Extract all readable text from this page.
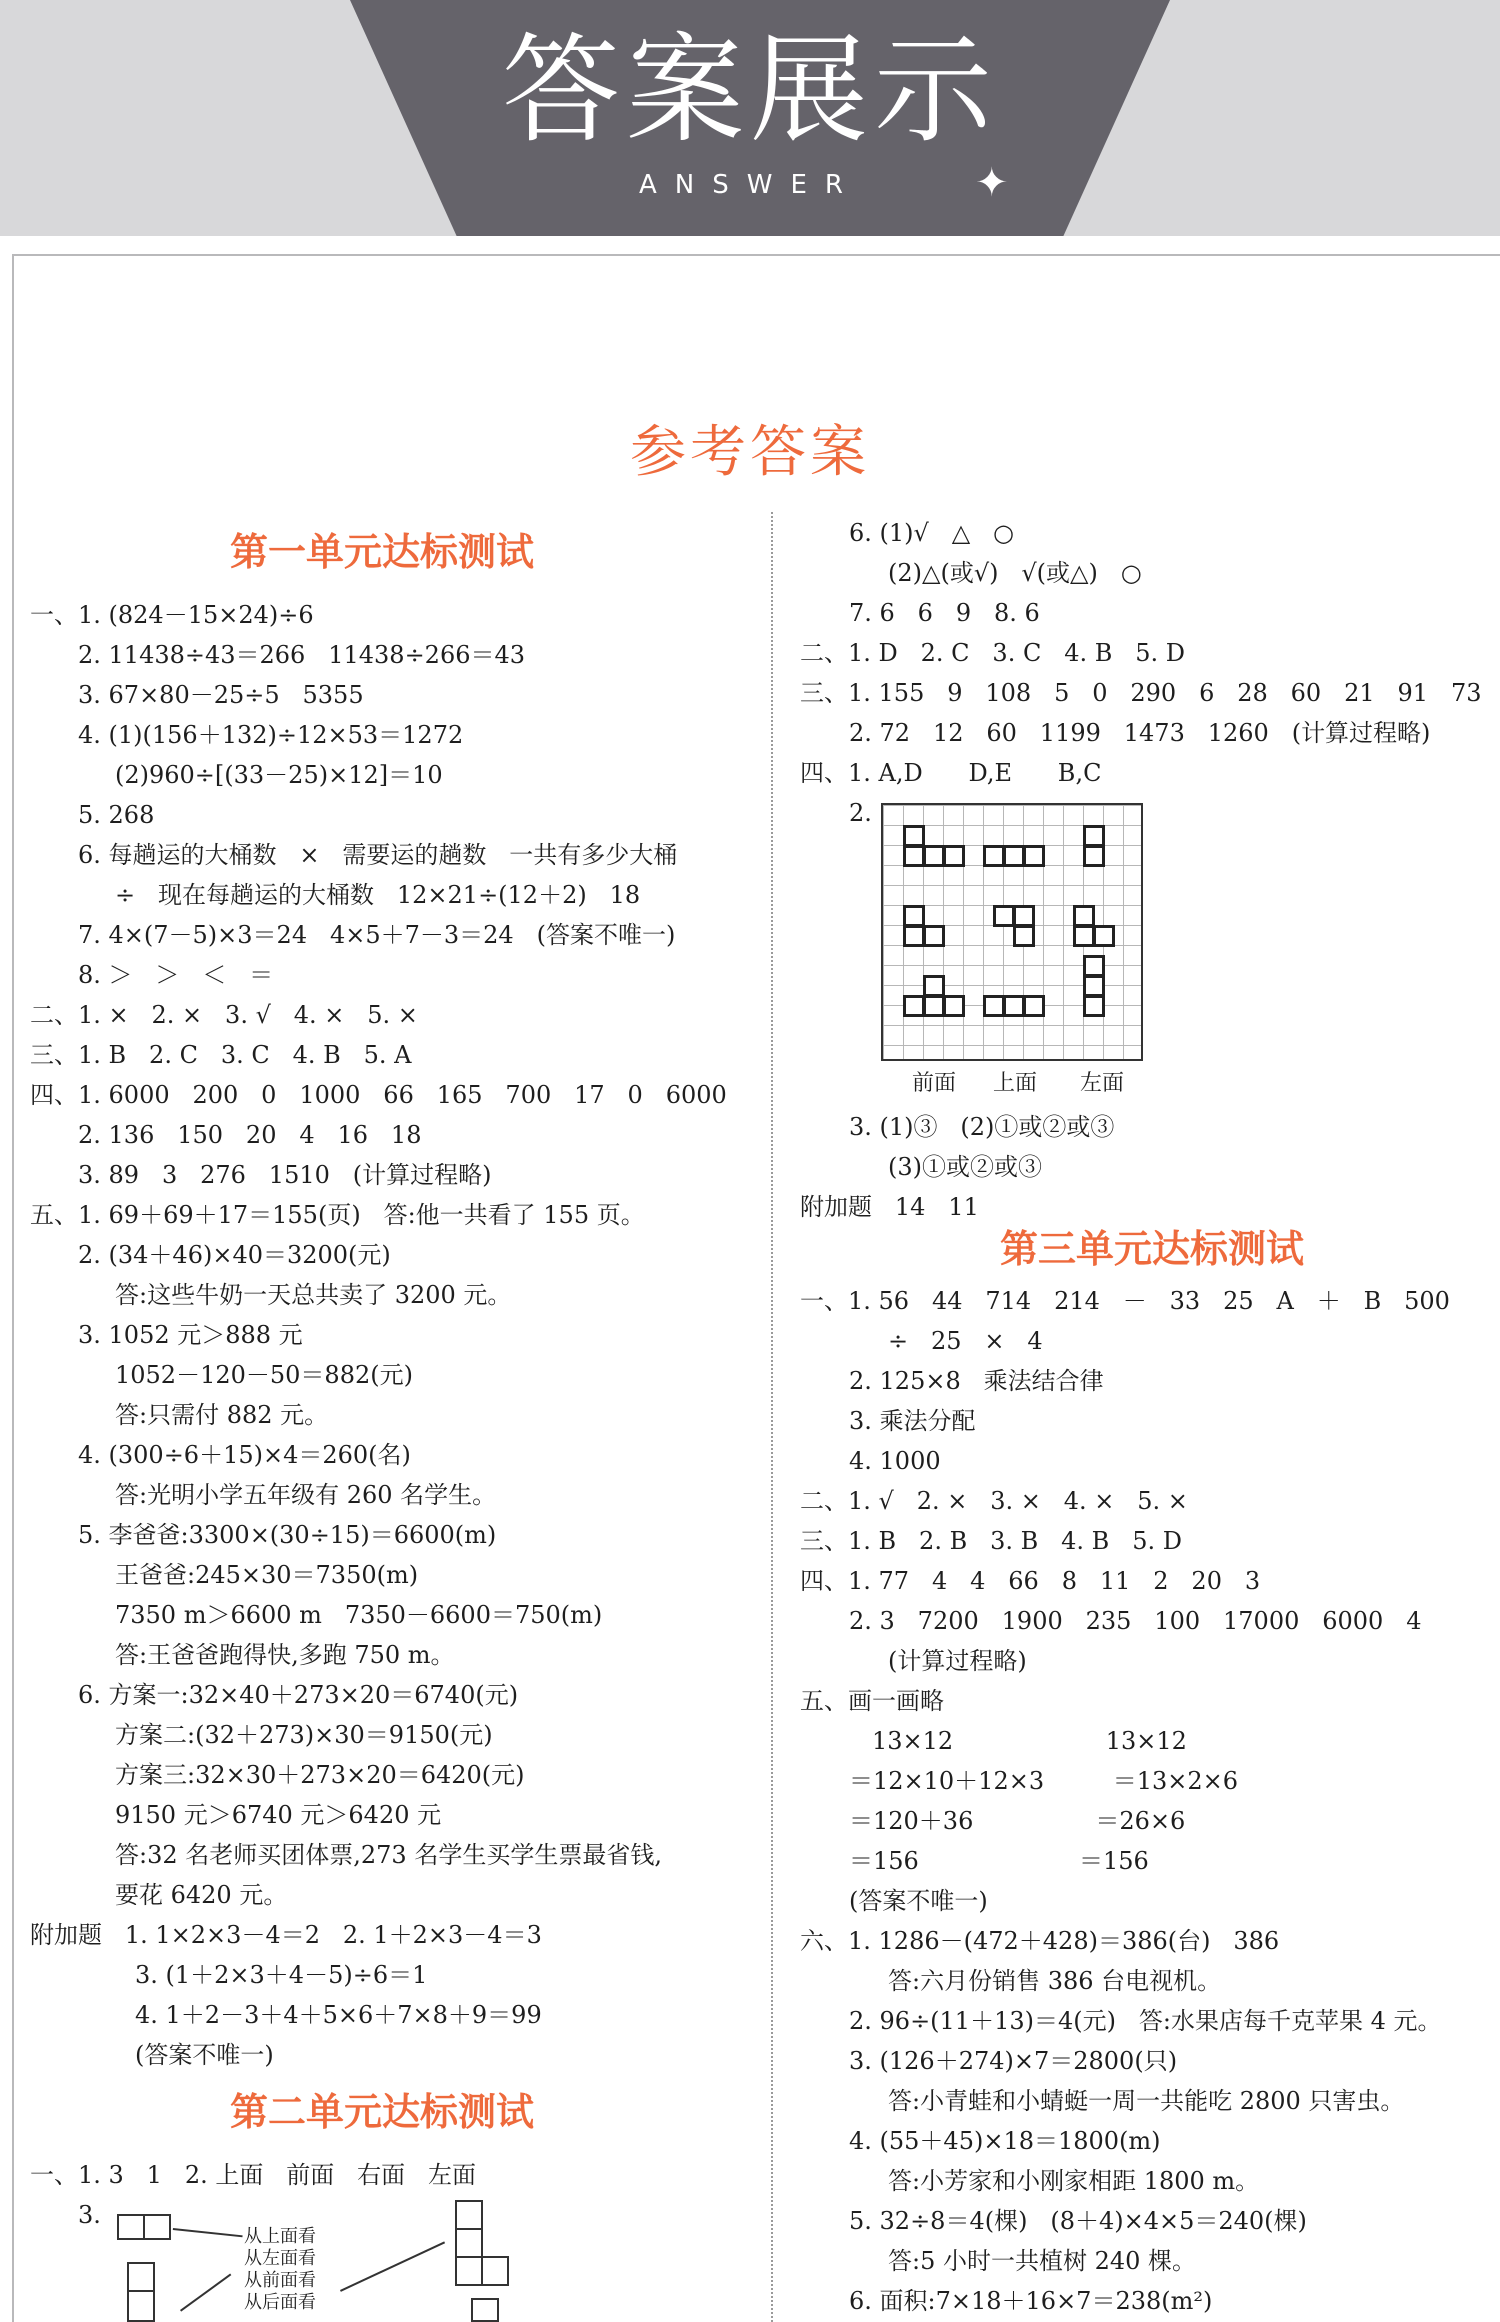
答案展示
ANSWER	✦
参考答案
第一单元达标测试
一、1. (824－15×24)÷6
2. 11438÷43＝266   11438÷266＝43
3. 67×80－25÷5   5355
4. (1)(156＋132)÷12×53＝1272
(2)960÷[(33－25)×12]＝10
5. 268
6. 每趟运的大桶数   ×   需要运的趟数   一共有多少大桶
÷   现在每趟运的大桶数   12×21÷(12＋2)   18
7. 4×(7－5)×3＝24   4×5＋7－3＝24   (答案不唯一)
8. ＞   ＞   ＜   ＝
二、1. ×   2. ×   3. √   4. ×   5. ×
三、1. B   2. C   3. C   4. B   5. A
四、1. 6000   200   0   1000   66   165   700   17   0   6000
2. 136   150   20   4   16   18
3. 89   3   276   1510   (计算过程略)
五、1. 69＋69＋17＝155(页)   答:他一共看了 155 页。
2. (34＋46)×40＝3200(元)
答:这些牛奶一天总共卖了 3200 元。
3. 1052 元＞888 元
1052－120－50＝882(元)
答:只需付 882 元。
4. (300÷6＋15)×4＝260(名)
答:光明小学五年级有 260 名学生。
5. 李爸爸:3300×(30÷15)＝6600(m)
王爸爸:245×30＝7350(m)
7350 m＞6600 m   7350－6600＝750(m)
答:王爸爸跑得快,多跑 750 m。
6. 方案一:32×40＋273×20＝6740(元)
方案二:(32＋273)×30＝9150(元)
方案三:32×30＋273×20＝6420(元)
9150 元＞6740 元＞6420 元
答:32 名老师买团体票,273 名学生买学生票最省钱,
要花 6420 元。
附加题   1. 1×2×3－4＝2   2. 1＋2×3－4＝3
3. (1＋2×3＋4－5)÷6＝1
4. 1＋2－3＋4＋5×6＋7×8＋9＝99
(答案不唯一)
第二单元达标测试
一、1. 3   1   2. 上面   前面   右面   左面
3.
从上面看
从左面看
从前面看
从后面看
6. (1)√   △   ○
(2)△(或√)   √(或△)   ○
7. 6   6   9   8. 6
二、1. D   2. C   3. C   4. B   5. D
三、1. 155   9   108   5   0   290   6   28   60   21   91   73
2. 72   12   60   1199   1473   1260   (计算过程略)
四、1. A,D      D,E      B,C
2.
前面 上面 左面
3. (1)③   (2)①或②或③
(3)①或②或③
附加题   14   11
第三单元达标测试
一、1. 56   44   714   214   －   33   25   A   ＋   B   500
÷   25   ×   4
2. 125×8   乘法结合律
3. 乘法分配
4. 1000
二、1. √   2. ×   3. ×   4. ×   5. ×
三、1. B   2. B   3. B   4. B   5. D
四、1. 77   4   4   66   8   11   2   20   3
2. 3   7200   1900   235   100   17000   6000   4
(计算过程略)
五、画一画略
13×12                    13×12
＝12×10＋12×3         ＝13×2×6
＝120＋36                ＝26×6
＝156                     ＝156
(答案不唯一)
六、1. 1286－(472＋428)＝386(台)   386
答:六月份销售 386 台电视机。
2. 96÷(11＋13)＝4(元)   答:水果店每千克苹果 4 元。
3. (126＋274)×7＝2800(只)
答:小青蛙和小蜻蜓一周一共能吃 2800 只害虫。
4. (55＋45)×18＝1800(m)
答:小芳家和小刚家相距 1800 m。
5. 32÷8＝4(棵)   (8＋4)×4×5＝240(棵)
答:5 小时一共植树 240 棵。
6. 面积:7×18＋16×7＝238(m²)
